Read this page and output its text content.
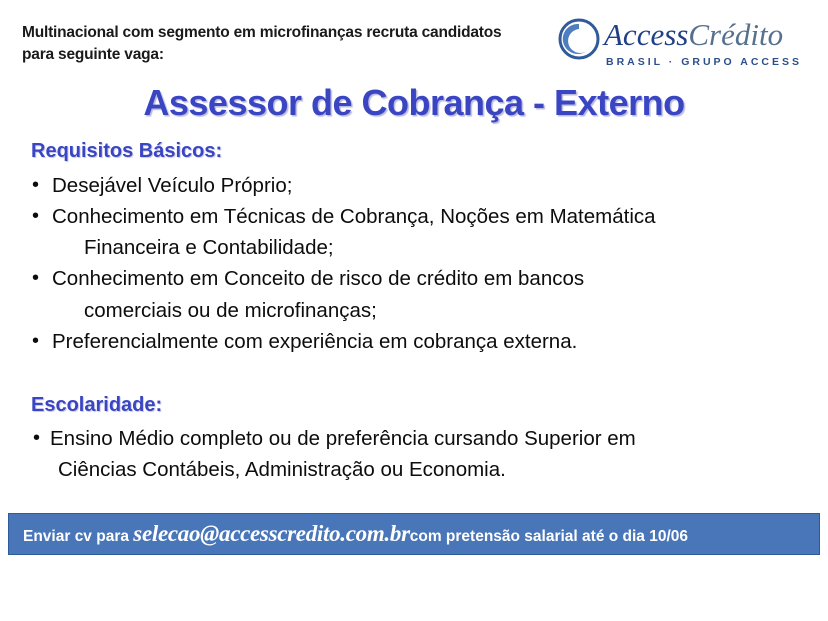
Multinacional com segmento em microfinanças recruta candidatos
para seguinte vaga:
AccessCrédito
BRASIL · GRUPO ACCESS
Assessor de Cobrança - Externo
Requisitos Básicos:
• Desejável Veículo Próprio;
• Conhecimento em Técnicas de Cobrança, Noções em Matemática
Financeira e Contabilidade;
• Conhecimento em Conceito de risco de crédito em bancos
comerciais ou de microfinanças;
• Preferencialmente com experiência em cobrança externa.
Escolaridade:
• Ensino Médio completo ou de preferência cursando Superior em
Ciências Contábeis, Administração ou Economia.
Enviar cv para selecao@accesscredito.com.brcom pretensão salarial até o dia 10/06
